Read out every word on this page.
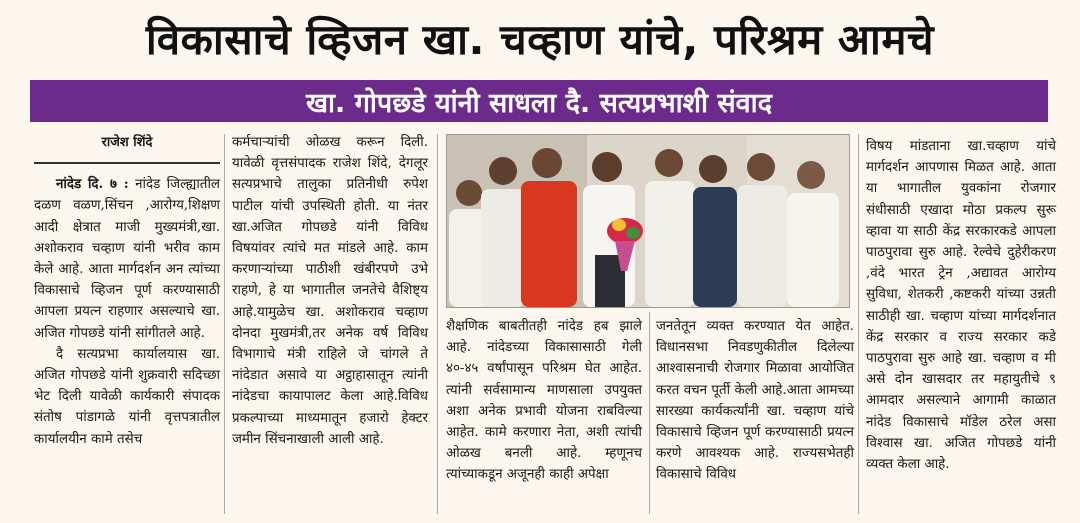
विकासाचे व्हिजन खा. चव्हाण यांचे, परिश्रम आमचे
खा. गोपछडे यांनी साधला दै. सत्यप्रभाशी संवाद
राजेश शिंदे

नांदेड दि. ७ : नांदेड जिल्ह्यातील दळण वळण,सिंचन ,आरोग्य,शिक्षण आदी क्षेत्रात माजी मुख्यमंत्री,खा. अशोकराव चव्हाण यांनी भरीव काम केले आहे. आता मार्गदर्शन अन त्यांच्या विकासाचे व्हिजन पूर्ण करण्यासाठी आपला प्रयत्न राहणार असल्याचे खा. अजित गोपछडे यांनी सांगीतले आहे.

दै सत्यप्रभा कार्यालयास खा. अजित गोपछडे यांनी शुक्रवारी सदिच्छा भेट दिली यावेळी कार्यकारी संपादक संतोष पांडागळे यांनी वृत्तपत्रातील कार्यालयीन कामे तसेच

कर्मचाऱ्यांची ओळख करून दिली. यावेळी वृत्तसंपादक राजेश शिंदे, देगलूर सत्यप्रभाचे तालुका प्रतिनीधी रुपेश पाटील यांची उपस्थिती होती. या नंतर खा.अजित गोपछडे यांनी विविध विषयांवर त्यांचे मत मांडले आहे. काम करणाऱ्यांच्या पाठीशी खंबीरपणे उभे राहणे, हे या भागातील जनतेचे वैशिष्ट्य आहे.यामुळेच खा. अशोकराव चव्हाण दोनदा मुखमंत्री,तर अनेक वर्ष विविध विभागाचे मंत्री राहिले जे चांगले ते नांदेडात असावे या अट्ठाहासातून त्यांनी नांदेडचा कायापालट केला आहे.विविध प्रकल्पाच्या माध्यमातून हजारो हेक्टर जमीन सिंचनाखाली आली आहे.

शैक्षणिक बाबतीतही नांदेड हब झाले आहे. नांदेडच्या विकासासाठी गेली ४०-४५ वर्षांपासून परिश्रम घेत आहेत. त्यांनी सर्वसामान्य माणसाला उपयुक्त अशा अनेक प्रभावी योजना राबविल्या आहेत. कामे करणारा नेता, अशी त्यांची ओळख बनली आहे. म्हणूनच त्यांच्याकडून अजूनही काही अपेक्षा

जनतेतून व्यक्त करण्यात येत आहेत. विधानसभा निवडणुकीतील दिलेल्या आश्वासनाची रोजगार मिळावा आयोजित करत वचन पूर्ती केली आहे.आता आमच्या सारख्या कार्यकर्त्यांनी खा. चव्हाण यांचे विकासाचे व्हिजन पूर्ण करण्यासाठी प्रयत्न करणे आवश्यक आहे. राज्यसभेतही विकासाचे विविध

विषय मांडताना खा.चव्हाण यांचे मार्गदर्शन आपणास मिळत आहे. आता या भागातील युवकांना रोजगार संधीसाठी एखादा मोठा प्रकल्प सुरू व्हावा या साठी केंद्र सरकारकडे आपला पाठपुरावा सुरु आहे. रेल्वेचे दुहेरीकरण ,वंदे भारत ट्रेन ,अद्यावत आरोग्य सुविधा, शेतकरी ,कष्टकरी यांच्या उन्नती साठीही खा. चव्हाण यांच्या मार्गदर्शनात केंद्र सरकार व राज्य सरकार कडे पाठपुरावा सुरु आहे खा. चव्हाण व मी असे दोन खासदार तर महायुतीचे ९ आमदार असल्याने आगामी काळात नांदेड विकासाचे मॉडेल ठरेल असा विश्वास खा. अजित गोपछडे यांनी व्यक्त केला आहे.
